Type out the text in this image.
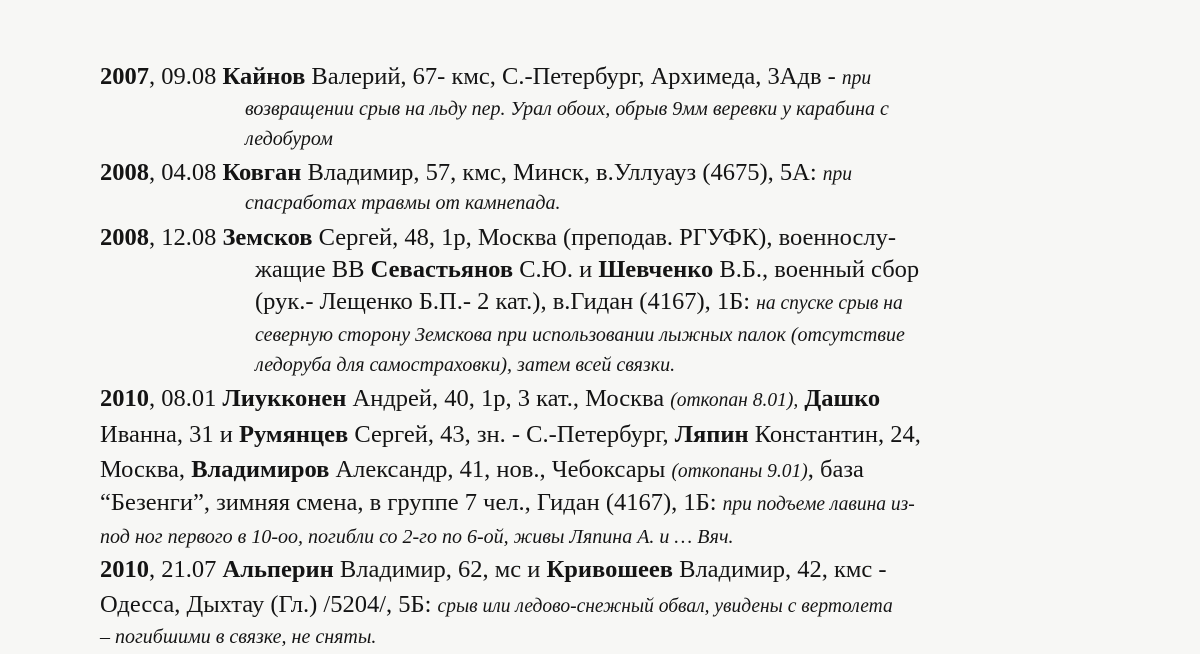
2007, 09.08 Кайнов Валерий, 67- кмс, С.-Петербург, Архимеда, 3Адв - при
возвращении срыв на льду пер. Урал обоих, обрыв 9мм веревки у карабина с
ледобуром
2008, 04.08 Ковган Владимир, 57, кмс, Минск, в.Уллуауз (4675), 5А: при
спасработах травмы от камнепада.
2008, 12.08 Земсков Сергей, 48, 1р, Москва (преподав. РГУФК), военнослу-
жащие ВВ Севастьянов С.Ю. и Шевченко В.Б., военный сбор
(рук.- Лещенко Б.П.- 2 кат.), в.Гидан (4167), 1Б: на спуске срыв на
северную сторону Земскова при использовании лыжных палок (отсутствие
ледоруба для самостраховки), затем всей связки.
2010, 08.01 Лиукконен Андрей, 40, 1р, 3 кат., Москва (откопан 8.01), Дашко
Иванна, 31 и Румянцев Сергей, 43, зн. - С.-Петербург, Ляпин Константин, 24,
Москва, Владимиров Александр, 41, нов., Чебоксары (откопаны 9.01), база
“Безенги”, зимняя смена, в группе 7 чел., Гидан (4167), 1Б: при подъеме лавина из-
под ног первого в 10-оо, погибли со 2-го по 6-ой, живы Ляпина А. и … Вяч.
2010, 21.07 Альперин Владимир, 62, мс и Кривошеев Владимир, 42, кмс -
Одесса, Дыхтау (Гл.) /5204/, 5Б: срыв или ледово-снежный обвал, увидены с вертолета
– погибшими в связке, не сняты.
